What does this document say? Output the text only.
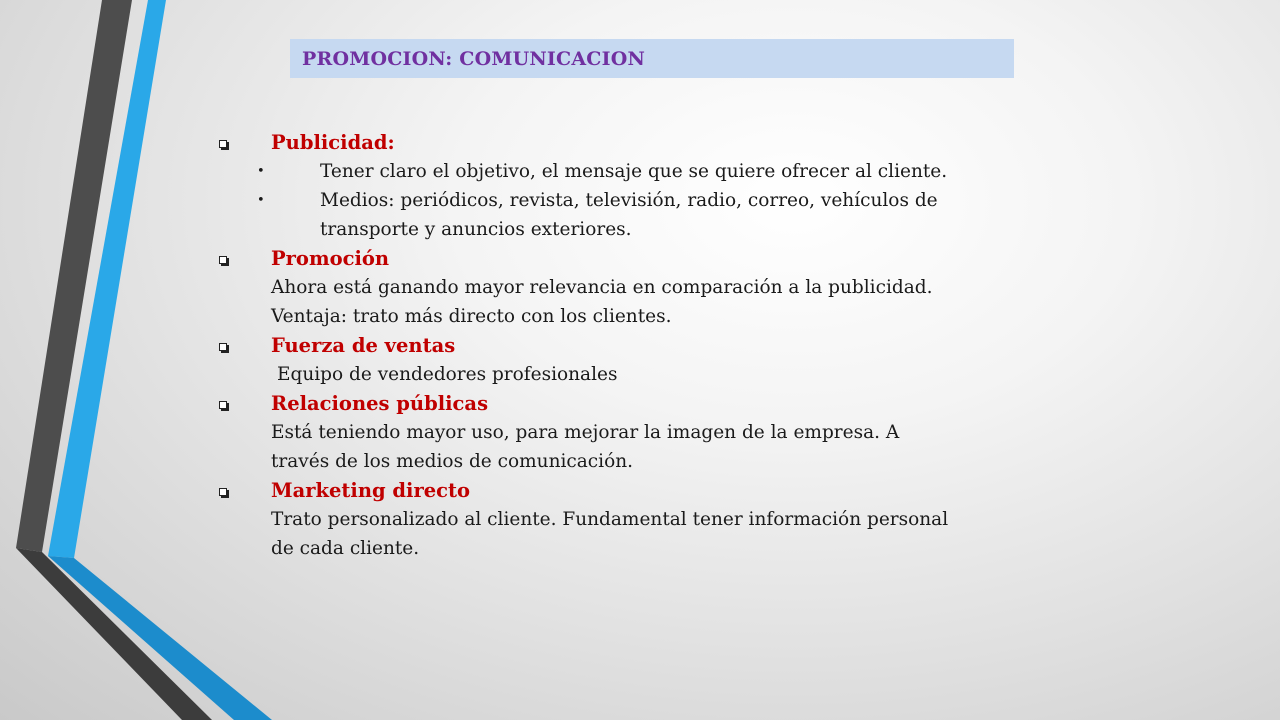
PROMOCION: COMUNICACION
Publicidad:
•	Tener claro el objetivo, el mensaje que se quiere ofrecer al cliente.
•	Medios: periódicos, revista, televisión, radio, correo, vehículos de
transporte y anuncios exteriores.
Promoción
Ahora está ganando mayor relevancia en comparación a la publicidad.
Ventaja: trato más directo con los clientes.
Fuerza de ventas
Equipo de vendedores profesionales
Relaciones públicas
Está teniendo mayor uso, para mejorar la imagen de la empresa. A
través de los medios de comunicación.
Marketing directo
Trato personalizado al cliente. Fundamental tener información personal
de cada cliente.
